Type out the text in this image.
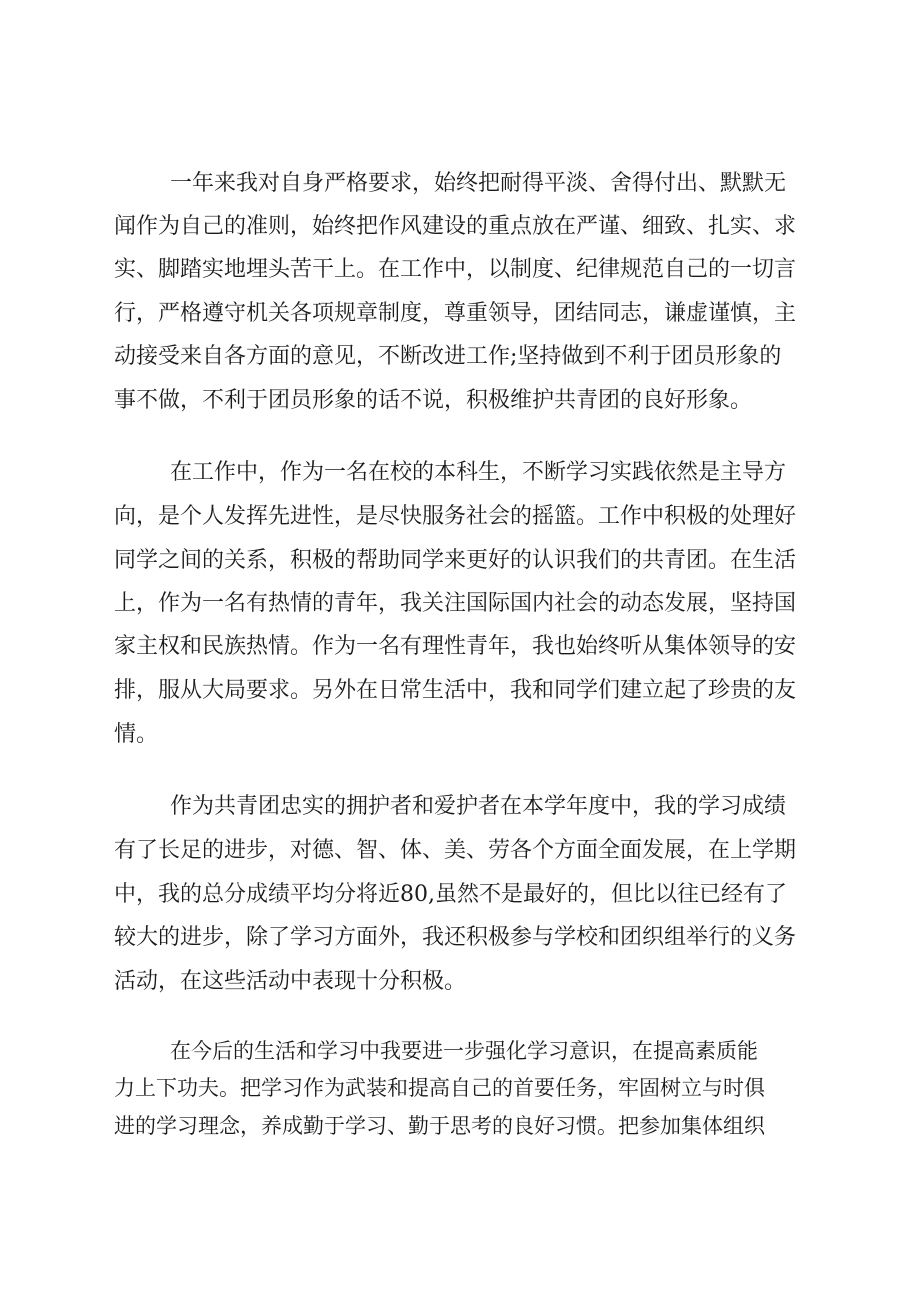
一年来我对自身严格要求，始终把耐得平淡、舍得付出、默默无
闻作为自己的准则，始终把作风建设的重点放在严谨、细致、扎实、求
实、脚踏实地埋头苦干上。在工作中，以制度、纪律规范自己的一切言
行，严格遵守机关各项规章制度，尊重领导，团结同志，谦虚谨慎，主
动接受来自各方面的意见，不断改进工作;坚持做到不利于团员形象的
事不做，不利于团员形象的话不说，积极维护共青团的良好形象。
在工作中，作为一名在校的本科生，不断学习实践依然是主导方
向，是个人发挥先进性，是尽快服务社会的摇篮。工作中积极的处理好
同学之间的关系，积极的帮助同学来更好的认识我们的共青团。在生活
上，作为一名有热情的青年，我关注国际国内社会的动态发展，坚持国
家主权和民族热情。作为一名有理性青年，我也始终听从集体领导的安
排，服从大局要求。另外在日常生活中，我和同学们建立起了珍贵的友
情。
作为共青团忠实的拥护者和爱护者在本学年度中，我的学习成绩
有了长足的进步，对德、智、体、美、劳各个方面全面发展，在上学期
中，我的总分成绩平均分将近80,虽然不是最好的，但比以往已经有了
较大的进步，除了学习方面外，我还积极参与学校和团织组举行的义务
活动，在这些活动中表现十分积极。
在今后的生活和学习中我要进一步强化学习意识，在提高素质能
力上下功夫。把学习作为武装和提高自己的首要任务，牢固树立与时俱
进的学习理念，养成勤于学习、勤于思考的良好习惯。把参加集体组织
